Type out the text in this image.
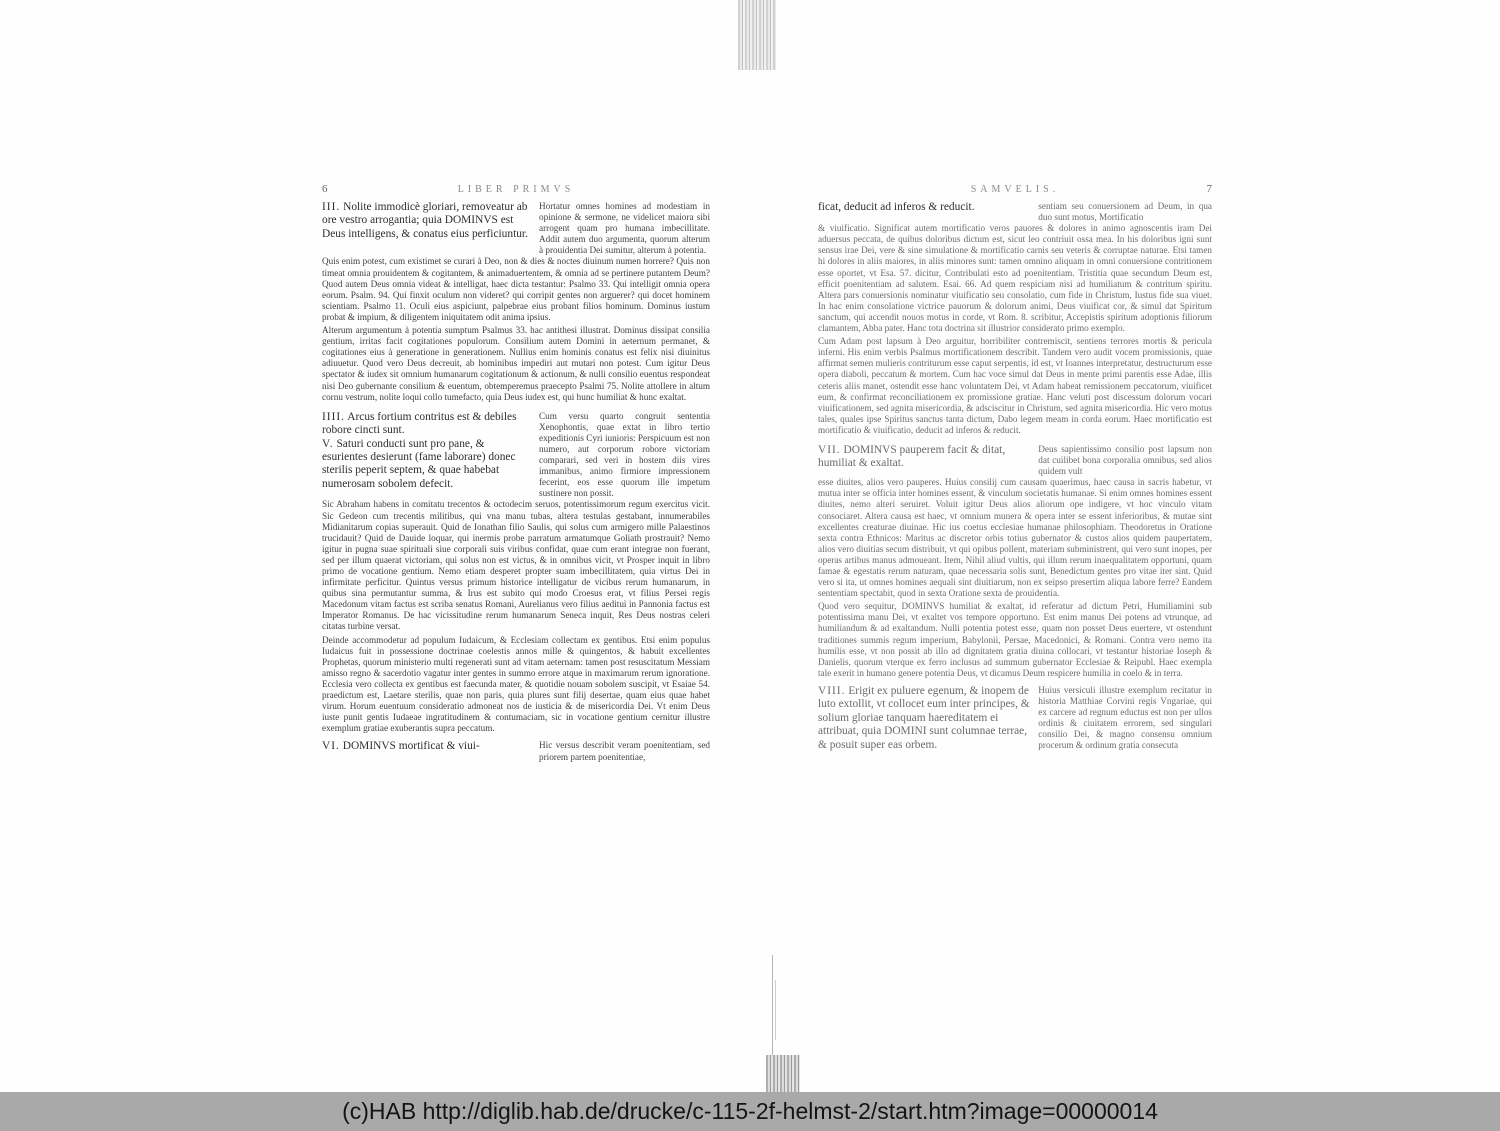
6	LIBER PRIMVS
III. Nolite immodicè gloriari, removeatur ab ore vestro arrogantia; quia DOMINVS est Deus intelligens, & conatus eius perficiuntur.
Hortatur omnes homines ad modestiam in opinione & sermone, ne videlicet maiora sibi arrogent quam pro humana imbecillitate. Addit autem duo argumenta, quorum alterum à prouidentia Dei sumitur, alterum à potentia.

Quis enim potest, cum existimet se curari à Deo, non & dies & noctes diuinum numen horrere? Quis non timeat omnia prouidentem & cogitantem, & animaduertentem, & omnia ad se pertinere putantem Deum? Quod autem Deus omnia videat & intelligat, haec dicta testantur: Psalmo 33. Qui intelligit omnia opera eorum. Psalm. 94. Qui finxit oculum non videret? qui corripit gentes non arguerer? qui docet hominem scientiam. Psalmo 11. Oculi eius aspiciunt, palpebrae eius probant filios hominum. Dominus iustum probat & impium, & diligentem iniquitatem odit anima ipsius.

Alterum argumentum à potentia sumptum Psalmus 33. hac antithesi illustrat. Dominus dissipat consilia gentium, irritas facit cogitationes populorum. Consilium autem Domini in aeternum permanet, & cogitationes eius à generatione in generationem. Nullius enim hominis conatus est felix nisi diuinitus adiuuetur. Quod vero Deus decreuit, ab hominibus impediri aut mutari non potest. Cum igitur Deus spectator & iudex sit omnium humanarum cogitationum & actionum, & nulli consilio euentus respondeat nisi Deo gubernante consilium & euentum, obtemperemus praecepto Psalmi 75. Nolite attollere in altum cornu vestrum, nolite loqui collo tumefacto, quia Deus iudex est, qui hunc humiliat & hunc exaltat.

IIII. Arcus fortium contritus est & debiles robore cincti sunt.
V. Saturi conducti sunt pro pane, & esurientes desierunt (fame laborare) donec sterilis peperit septem, & quae habebat numerosam sobolem defecit.
Cum versu quarto congruit sententia Xenophontis, quae extat in libro tertio expeditionis Cyri iunioris: Perspicuum est non numero, aut corporum robore victoriam comparari, sed veri in hostem diis vires immanibus, animo firmiore impressionem fecerint, eos esse quorum ille impetum sustinere non possit.

Sic Abraham habens in comitatu trecentos & octodecim seruos, potentissimorum regum exercitus vicit. Sic Gedeon cum trecentis militibus, qui vna manu tubas, altera testulas gestabant, innumerabiles Midianitarum copias superauit. Quid de Ionathan filio Saulis, qui solus cum armigero mille Palaestinos trucidauit? Quid de Dauide loquar, qui inermis probe parratum armatumque Goliath prostrauit? Nemo igitur in pugna suae spirituali siue corporali suis viribus confidat, quae cum erant integrae non fuerant, sed per illum quaerat victoriam, qui solus non est victus, & in omnibus vicit, vt Prosper inquit in libro primo de vocatione gentium. Nemo etiam desperet propter suam imbecillitatem, quia virtus Dei in infirmitate perficitur. Quintus versus primum historice intelligatur de vicibus rerum humanarum, in quibus sina permutantur summa, & Irus est subito qui modo Croesus erat, vt filius Persei regis Macedonum vitam factus est scriba senatus Romani, Aurelianus vero filius aedituì in Pannonia factus est Imperator Romanus. De hac vicissitudine rerum humanarum Seneca inquit, Res Deus nostras celeri citatas turbine versat.

Deinde accommodetur ad populum Iudaicum, & Ecclesiam collectam ex gentibus. Etsi enim populus Iudaicus fuit in possessione doctrinae coelestis annos mille & quingentos, & habuit excellentes Prophetas, quorum ministerio multi regenerati sunt ad vitam aeternam: tamen post resuscitatum Messiam amisso regno & sacerdotio vagatur inter gentes in summo errore atque in maximarum rerum ignoratione. Ecclesia vero collecta ex gentibus est faecunda mater, & quotidie nouam sobolem suscipit, vt Esaiae 54. praedictum est, Laetare sterilis, quae non paris, quia plures sunt filij desertae, quam eius quae habet virum. Horum euentuum consideratio admoneat nos de iusticia & de misericordia Dei. Vt enim Deus iuste punit gentis Iudaeae ingratitudinem & contumaciam, sic in vocatione gentium cernitur illustre exemplum gratiae exuberantis supra peccatum.

VI. DOMINVS mortificat & viui-	Hic versus describit veram poenitentiam, sed priorem partem poenitentiae,
SAMVELIS.	7
ficat, deducit ad inferos & reducit.	sentiam seu conuersionem ad Deum, in qua duo sunt motus, Mortificatio

& viuificatio. Significat autem mortificatio veros pauores & dolores in animo agnoscentis iram Dei aduersus peccata, de quibus doloribus dictum est, sicut leo contriuit ossa mea. In his doloribus igni sunt sensus irae Dei, vere & sine simulatione & mortificatio carnis seu veteris & corruptae naturae. Etsi tamen hi dolores in aliis maiores, in aliis minores sunt: tamen omnino aliquam in omni conuersione contritionem esse oportet, vt Esa. 57. dicitur, Contribulati esto ad poenitentiam. Tristitia quae secundum Deum est, efficit poenitentiam ad salutem. Esai. 66. Ad quem respiciam nisi ad humiliatum & contritum spiritu. Altera pars conuersionis nominatur viuificatio seu consolatio, cum fide in Christum, Iustus fide sua viuet. In hac enim consolatione victrice pauorum & dolorum animi, Deus viuificat cor, & simul dat Spiritum sanctum, qui accendit nouos motus in corde, vt Rom. 8. scribitur, Accepistis spiritum adoptionis filiorum clamantem, Abba pater. Hanc tota doctrina sit illustrior considerato primo exemplo.

Cum Adam post lapsum à Deo arguitur, horribiliter contremiscit, sentiens terrores mortis & pericula inferni. His enim verbis Psalmus mortificationem describit. Tandem vero audit vocem promissionis, quae affirmat semen mulieris contriturum esse caput serpentis, id est, vt Ioannes interpretatur, destructurum esse opera diaboli, peccatum & mortem. Cum hac voce simul dat Deus in mente primi parentis esse Adae, illis ceteris aliis manet, ostendit esse hanc voluntatem Dei, vt Adam habeat remissionem peccatorum, viuificet eum, & confirmat reconciliationem ex promissione gratiae. Hanc veluti post discessum dolorum vocari viuificationem, sed agnita misericordia, & adsciscitur in Christum, sed agnita misericordia. Hic vero motus tales, quales ipse Spiritus sanctus tanta dictum, Dabo legem meam in corda eorum. Haec mortificatio est mortificatio & viuificatio, deducit ad inferos & reducit.

VII. DOMINVS pauperem facit & ditat, humiliat & exaltat.
Deus sapientissimo consilio post lapsum non dat cuilibet bona corporalia omnibus, sed alios quidem vult

esse diuites, alios vero pauperes. Huius consilij cum causam quaerimus, haec causa in sacris habetur, vt mutua inter se officia inter homines essent, & vinculum societatis humanae. Si enim omnes homines essent diuites, nemo alteri seruiret. Voluit igitur Deus alios aliorum ope indigere, vt hoc vinculo vitam consociaret. Altera causa est haec, vt omnium munera & opera inter se essent inferioribus, & mutae sint excellentes creaturae diuinae. Hic ius coetus ecclesiae humanae philosophiam. Theodoretus in Oratione sexta contra Ethnicos: Maritus ac discretor orbis totius gubernator & custos alios quidem paupertatem, alios vero diuitias secum distribuit, vt qui opibus pollent, materiam subministrent, qui vero sunt inopes, per operas artibus manus admoueant. Item, Nihil aliud vultis, qui illum rerum inaequalitatem opportuni, quam famae & egestatis rerum naturam, quae necessaria solis sunt, Benedictum gentes pro vitae iter sint. Quid vero si ita, ut omnes homines aequali sint diuitiarum, non ex seipso presertim aliqua labore ferre? Eandem sententiam spectabit, quod in sexta Oratione sexta de prouidentia.

Quod vero sequitur, DOMINVS humiliat & exaltat, id referatur ad dictum Petri, Humiliamini sub potentissima manu Dei, vt exaltet vos tempore opportuno. Est enim manus Dei potens ad vtrunque, ad humiliandum & ad exaltandum. Nulli potentia potest esse, quam non posset Deus euertere, vt ostendunt traditiones summis regum imperium, Babylonii, Persae, Macedonici, & Romani. Contra vero nemo ita humilis esse, vt non possit ab illo ad dignitatem gratia diuina collocari, vt testantur historiae Ioseph & Danielis, quorum vterque ex ferro inclusus ad summum gubernator Ecclesiae & Reipubl. Haec exempla tale exerit in humano genere potentia Deus, vt dicamus Deum respicere humilia in coelo & in terra.

VIII. Erigit ex puluere egenum, & inopem de luto extollit, vt collocet eum inter principes, & solium gloriae tanquam haereditatem ei attribuat, quia DOMINI sunt columnae terrae, & posuit super eas orbem.
Huius versiculi illustre exemplum recitatur in historia Matthiae Corvini regis Vngariae, qui ex carcere ad regnum eductus est non per ullos ordinis & ciuitatem errorem, sed singulari consilio Dei, & magno consensu omnium procerum & ordinum gratia consecuta
(c)HAB http://diglib.hab.de/drucke/c-115-2f-helmst-2/start.htm?image=00000014
